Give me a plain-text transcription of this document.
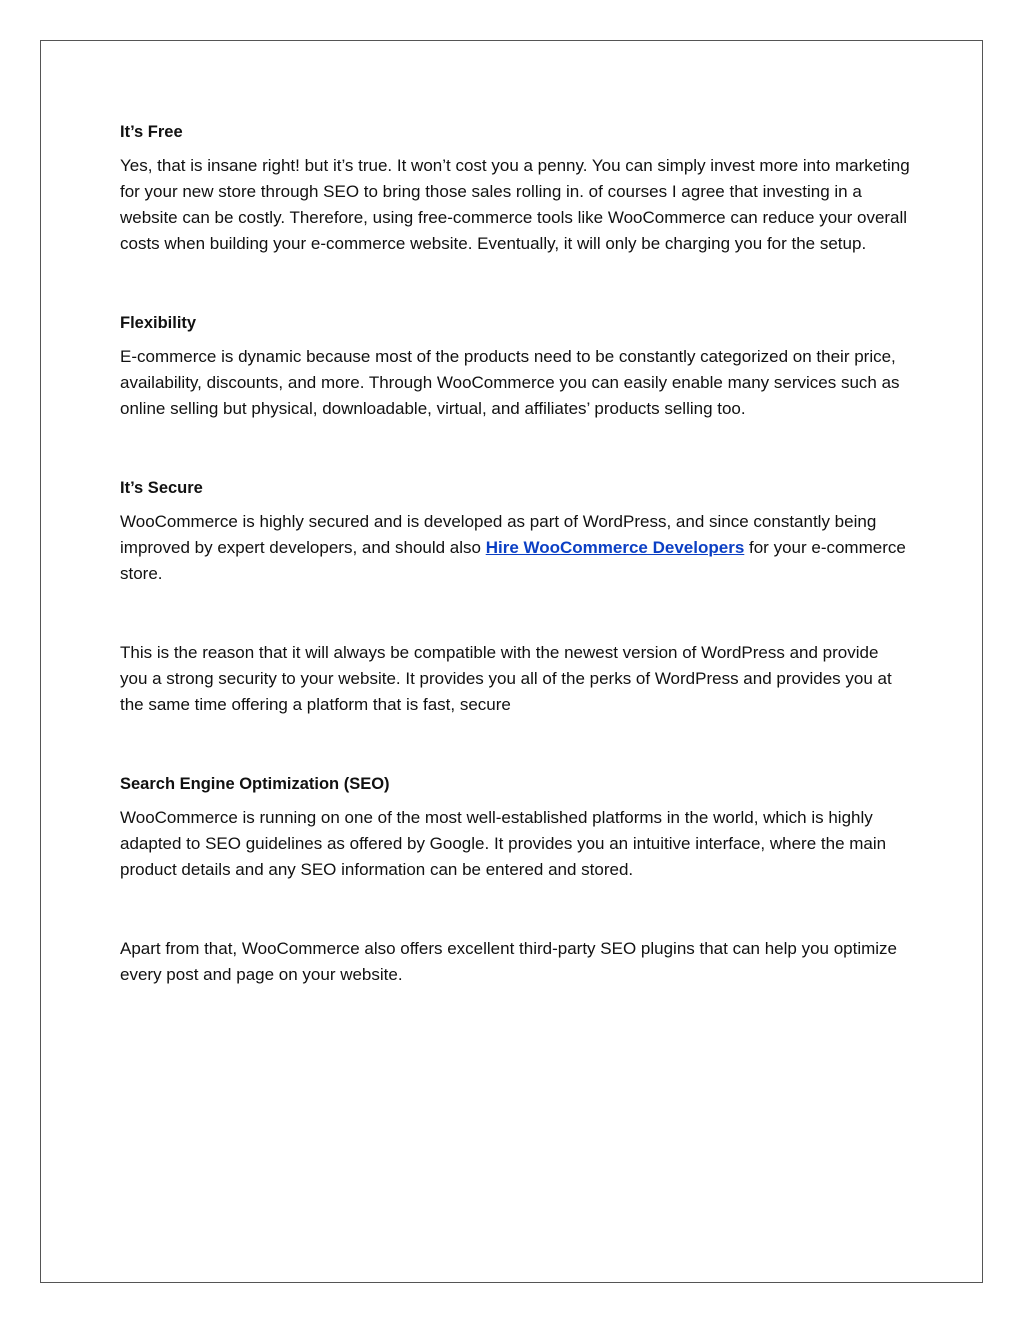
It’s Free

Yes, that is insane right! but it’s true. It won’t cost you a penny. You can simply invest more into marketing for your new store through SEO to bring those sales rolling in. of courses I agree that investing in a website can be costly. Therefore, using free-commerce tools like WooCommerce can reduce your overall costs when building your e-commerce website. Eventually, it will only be charging you for the setup.

Flexibility

E-commerce is dynamic because most of the products need to be constantly categorized on their price, availability, discounts, and more. Through WooCommerce you can easily enable many services such as online selling but physical, downloadable, virtual, and affiliates’ products selling too.

It’s Secure

WooCommerce is highly secured and is developed as part of WordPress, and since constantly being improved by expert developers, and should also Hire WooCommerce Developers for your e-commerce store.

This is the reason that it will always be compatible with the newest version of WordPress and provide you a strong security to your website. It provides you all of the perks of WordPress and provides you at the same time offering a platform that is fast, secure

Search Engine Optimization (SEO)

WooCommerce is running on one of the most well-established platforms in the world, which is highly adapted to SEO guidelines as offered by Google. It provides you an intuitive interface, where the main product details and any SEO information can be entered and stored.

Apart from that, WooCommerce also offers excellent third-party SEO plugins that can help you optimize every post and page on your website.
